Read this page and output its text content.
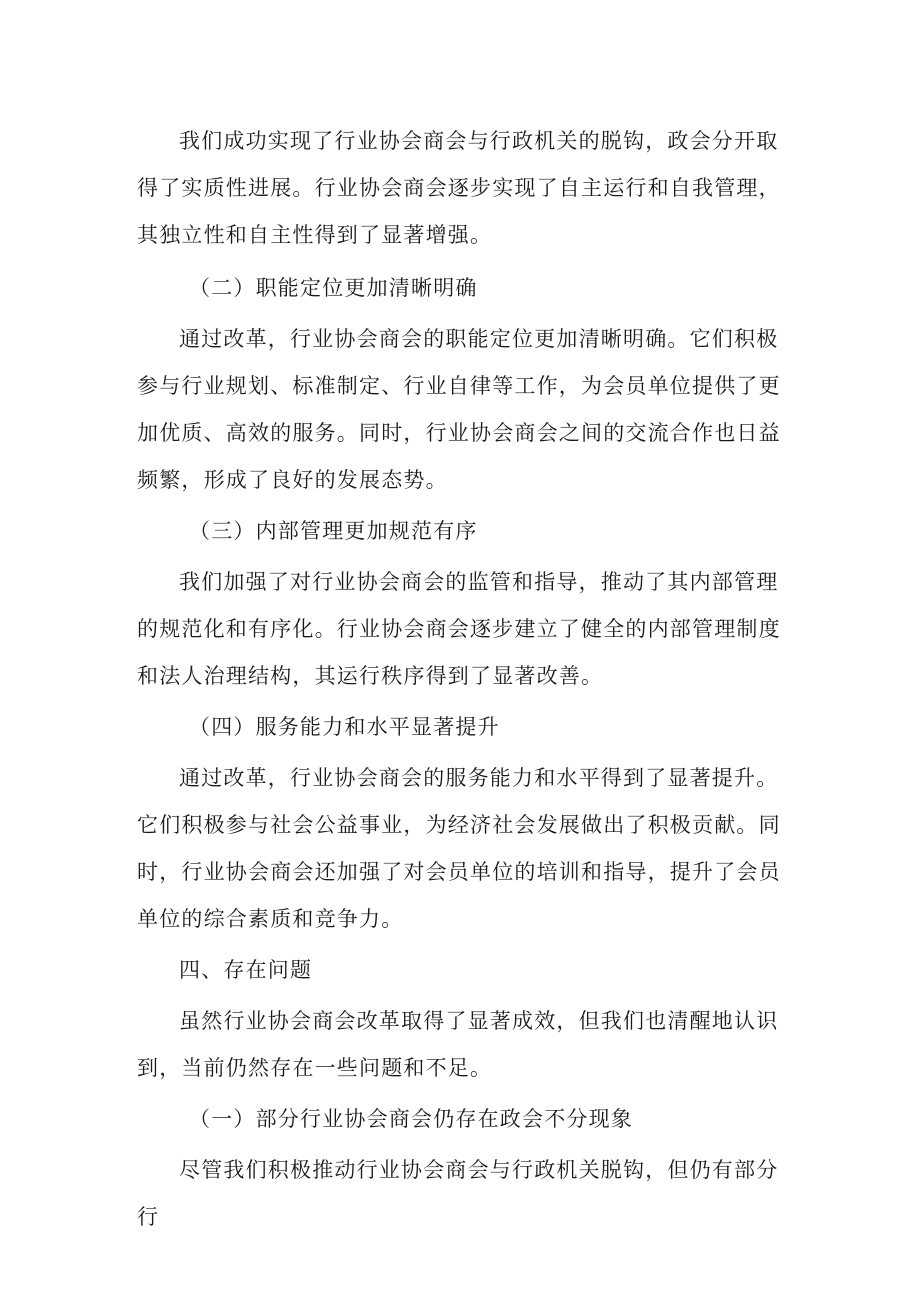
我们成功实现了行业协会商会与行政机关的脱钩，政会分开取得了实质性进展。行业协会商会逐步实现了自主运行和自我管理，其独立性和自主性得到了显著增强。

（二）职能定位更加清晰明确

通过改革，行业协会商会的职能定位更加清晰明确。它们积极参与行业规划、标准制定、行业自律等工作，为会员单位提供了更加优质、高效的服务。同时，行业协会商会之间的交流合作也日益频繁，形成了良好的发展态势。

（三）内部管理更加规范有序

我们加强了对行业协会商会的监管和指导，推动了其内部管理的规范化和有序化。行业协会商会逐步建立了健全的内部管理制度和法人治理结构，其运行秩序得到了显著改善。

（四）服务能力和水平显著提升

通过改革，行业协会商会的服务能力和水平得到了显著提升。它们积极参与社会公益事业，为经济社会发展做出了积极贡献。同时，行业协会商会还加强了对会员单位的培训和指导，提升了会员单位的综合素质和竞争力。

四、存在问题

虽然行业协会商会改革取得了显著成效，但我们也清醒地认识到，当前仍然存在一些问题和不足。

（一）部分行业协会商会仍存在政会不分现象

尽管我们积极推动行业协会商会与行政机关脱钩，但仍有部分行
